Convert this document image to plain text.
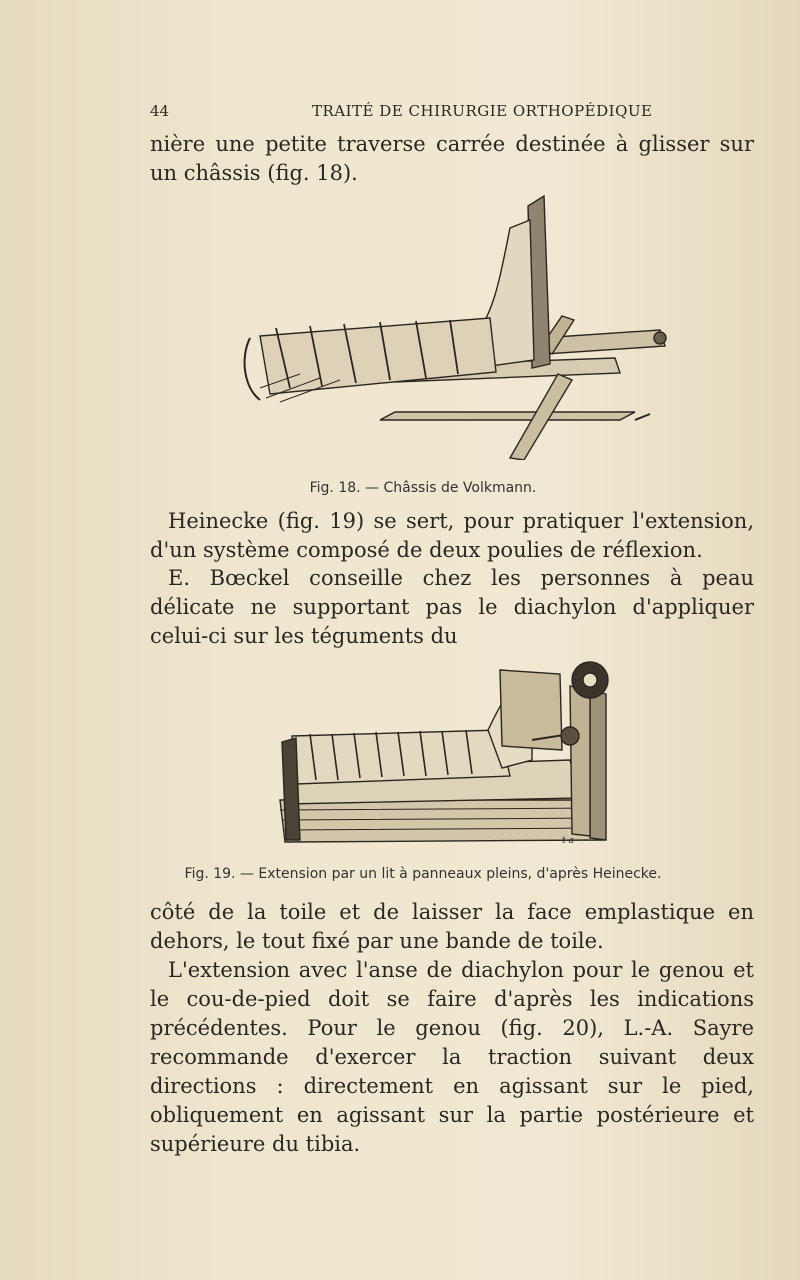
44	TRAITÉ DE CHIRURGIE ORTHOPÉDIQUE

nière une petite traverse carrée destinée à glisser sur un châssis (fig. 18).

Fig. 18. — Châssis de Volkmann.

Heinecke (fig. 19) se sert, pour pratiquer l'extension, d'un système composé de deux poulies de réflexion.

E. Bœckel conseille chez les personnes à peau délicate ne supportant pas le diachylon d'appliquer celui-ci sur les téguments du

t a
Fig. 19. — Extension par un lit à panneaux pleins, d'après Heinecke.

côté de la toile et de laisser la face emplastique en dehors, le tout fixé par une bande de toile.

L'extension avec l'anse de diachylon pour le genou et le cou-de-pied doit se faire d'après les indications précédentes. Pour le genou (fig. 20), L.-A. Sayre recommande d'exercer la traction suivant deux directions : directement en agissant sur le pied, obliquement en agissant sur la partie postérieure et supérieure du tibia.
